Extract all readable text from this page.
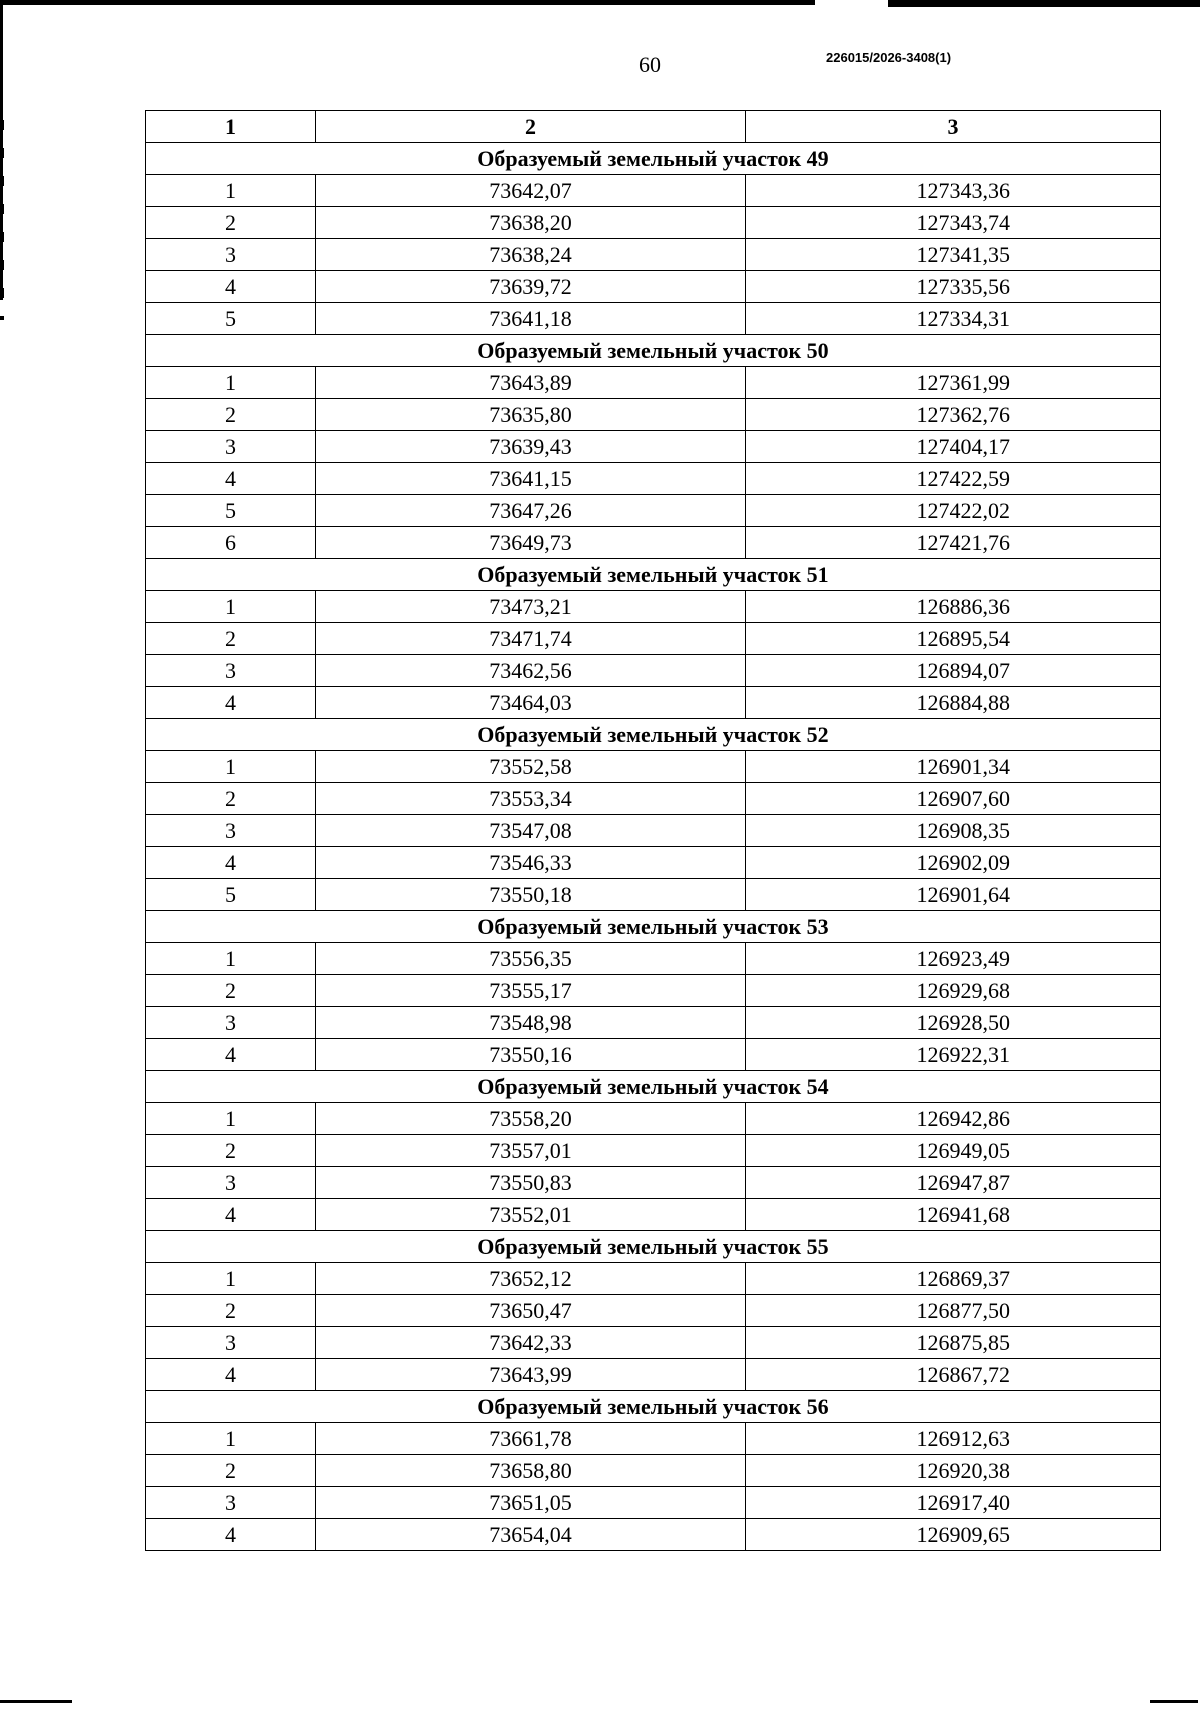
60	226015/2026-3408(1)
1	2	3
Образуемый земельный участок 49		
1	73642,07	127343,36
2	73638,20	127343,74
3	73638,24	127341,35
4	73639,72	127335,56
5	73641,18	127334,31
Образуемый земельный участок 50		
1	73643,89	127361,99
2	73635,80	127362,76
3	73639,43	127404,17
4	73641,15	127422,59
5	73647,26	127422,02
6	73649,73	127421,76
Образуемый земельный участок 51		
1	73473,21	126886,36
2	73471,74	126895,54
3	73462,56	126894,07
4	73464,03	126884,88
Образуемый земельный участок 52		
1	73552,58	126901,34
2	73553,34	126907,60
3	73547,08	126908,35
4	73546,33	126902,09
5	73550,18	126901,64
Образуемый земельный участок 53		
1	73556,35	126923,49
2	73555,17	126929,68
3	73548,98	126928,50
4	73550,16	126922,31
Образуемый земельный участок 54		
1	73558,20	126942,86
2	73557,01	126949,05
3	73550,83	126947,87
4	73552,01	126941,68
Образуемый земельный участок 55		
1	73652,12	126869,37
2	73650,47	126877,50
3	73642,33	126875,85
4	73643,99	126867,72
Образуемый земельный участок 56		
1	73661,78	126912,63
2	73658,80	126920,38
3	73651,05	126917,40
4	73654,04	126909,65
